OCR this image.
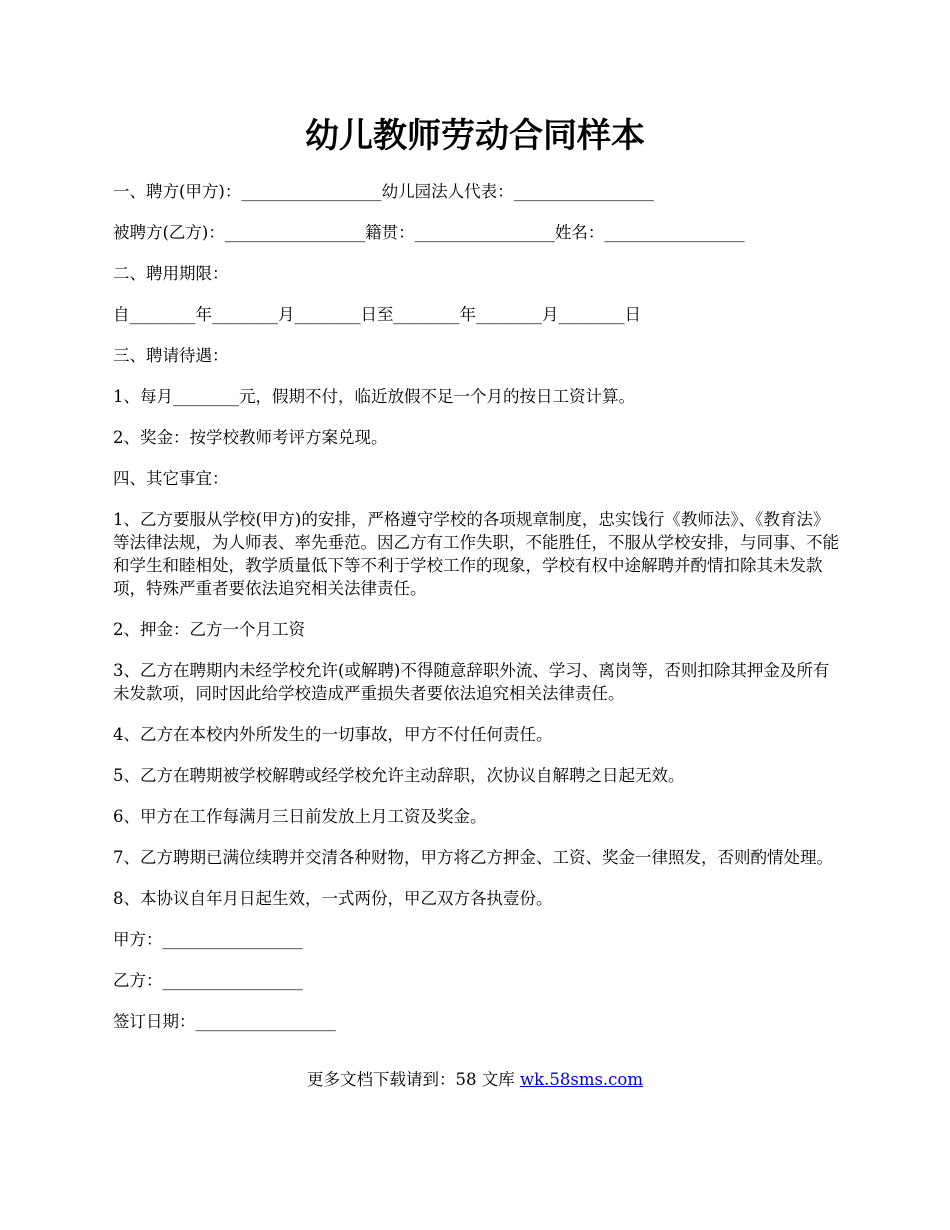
幼儿教师劳动合同样本

一、聘方(甲方)：_________________幼儿园法人代表：_________________

被聘方(乙方)：_________________籍贯：_________________姓名：_________________

二、聘用期限：

自________年________月________日至________年________月________日

三、聘请待遇：

1、每月________元，假期不付，临近放假不足一个月的按日工资计算。

2、奖金：按学校教师考评方案兑现。

四、其它事宜：

1、乙方要服从学校(甲方)的安排，严格遵守学校的各项规章制度，忠实饯行《教师法》、《教育法》等法律法规，为人师表、率先垂范。因乙方有工作失职，不能胜任，不服从学校安排，与同事、不能和学生和睦相处，教学质量低下等不利于学校工作的现象，学校有权中途解聘并酌情扣除其未发款项，特殊严重者要依法追究相关法律责任。

2、押金：乙方一个月工资

3、乙方在聘期内未经学校允许(或解聘)不得随意辞职外流、学习、离岗等，否则扣除其押金及所有未发款项，同时因此给学校造成严重损失者要依法追究相关法律责任。

4、乙方在本校内外所发生的一切事故，甲方不付任何责任。

5、乙方在聘期被学校解聘或经学校允许主动辞职，次协议自解聘之日起无效。

6、甲方在工作每满月三日前发放上月工资及奖金。

7、乙方聘期已满位续聘并交清各种财物，甲方将乙方押金、工资、奖金一律照发，否则酌情处理。

8、本协议自年月日起生效，一式两份，甲乙双方各执壹份。

甲方：_________________

乙方：_________________

签订日期：_________________

更多文档下载请到：58 文库 wk.58sms.com
